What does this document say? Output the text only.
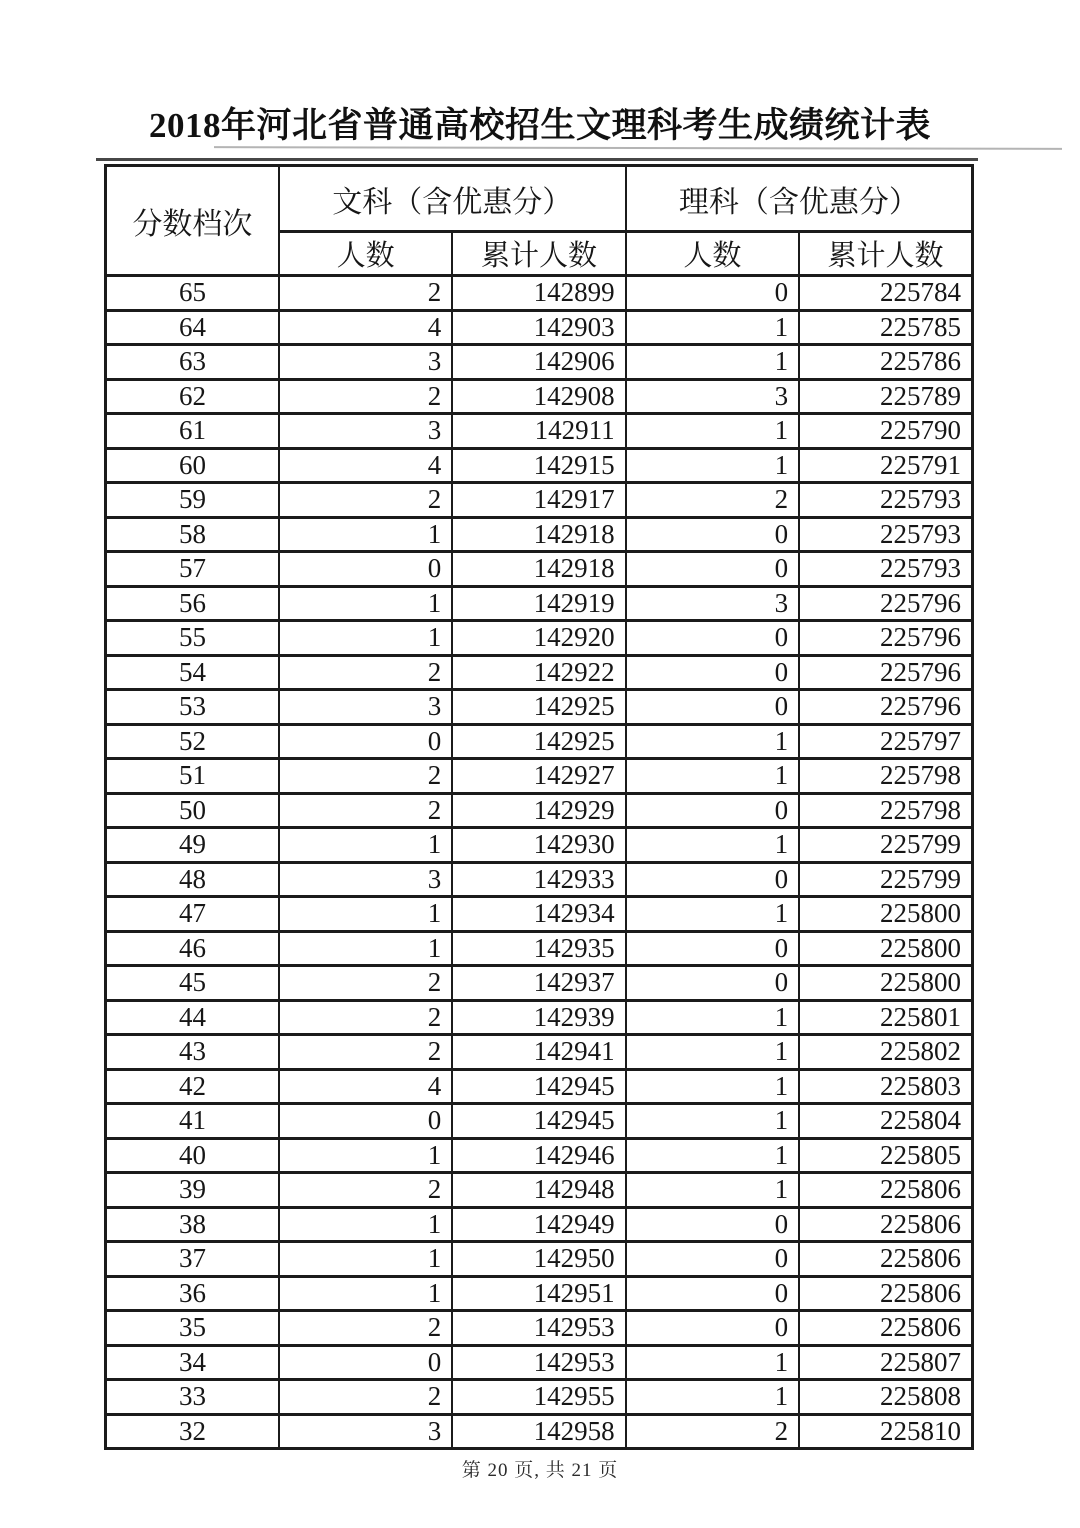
2018年河北省普通高校招生文理科考生成绩统计表
分数档次	文科（含优惠分）		理科（含优惠分）	
	人数	累计人数	人数	累计人数
65	2	142899	0	225784
64	4	142903	1	225785
63	3	142906	1	225786
62	2	142908	3	225789
61	3	142911	1	225790
60	4	142915	1	225791
59	2	142917	2	225793
58	1	142918	0	225793
57	0	142918	0	225793
56	1	142919	3	225796
55	1	142920	0	225796
54	2	142922	0	225796
53	3	142925	0	225796
52	0	142925	1	225797
51	2	142927	1	225798
50	2	142929	0	225798
49	1	142930	1	225799
48	3	142933	0	225799
47	1	142934	1	225800
46	1	142935	0	225800
45	2	142937	0	225800
44	2	142939	1	225801
43	2	142941	1	225802
42	4	142945	1	225803
41	0	142945	1	225804
40	1	142946	1	225805
39	2	142948	1	225806
38	1	142949	0	225806
37	1	142950	0	225806
36	1	142951	0	225806
35	2	142953	0	225806
34	0	142953	1	225807
33	2	142955	1	225808
32	3	142958	2	225810
第 20 页, 共 21 页
